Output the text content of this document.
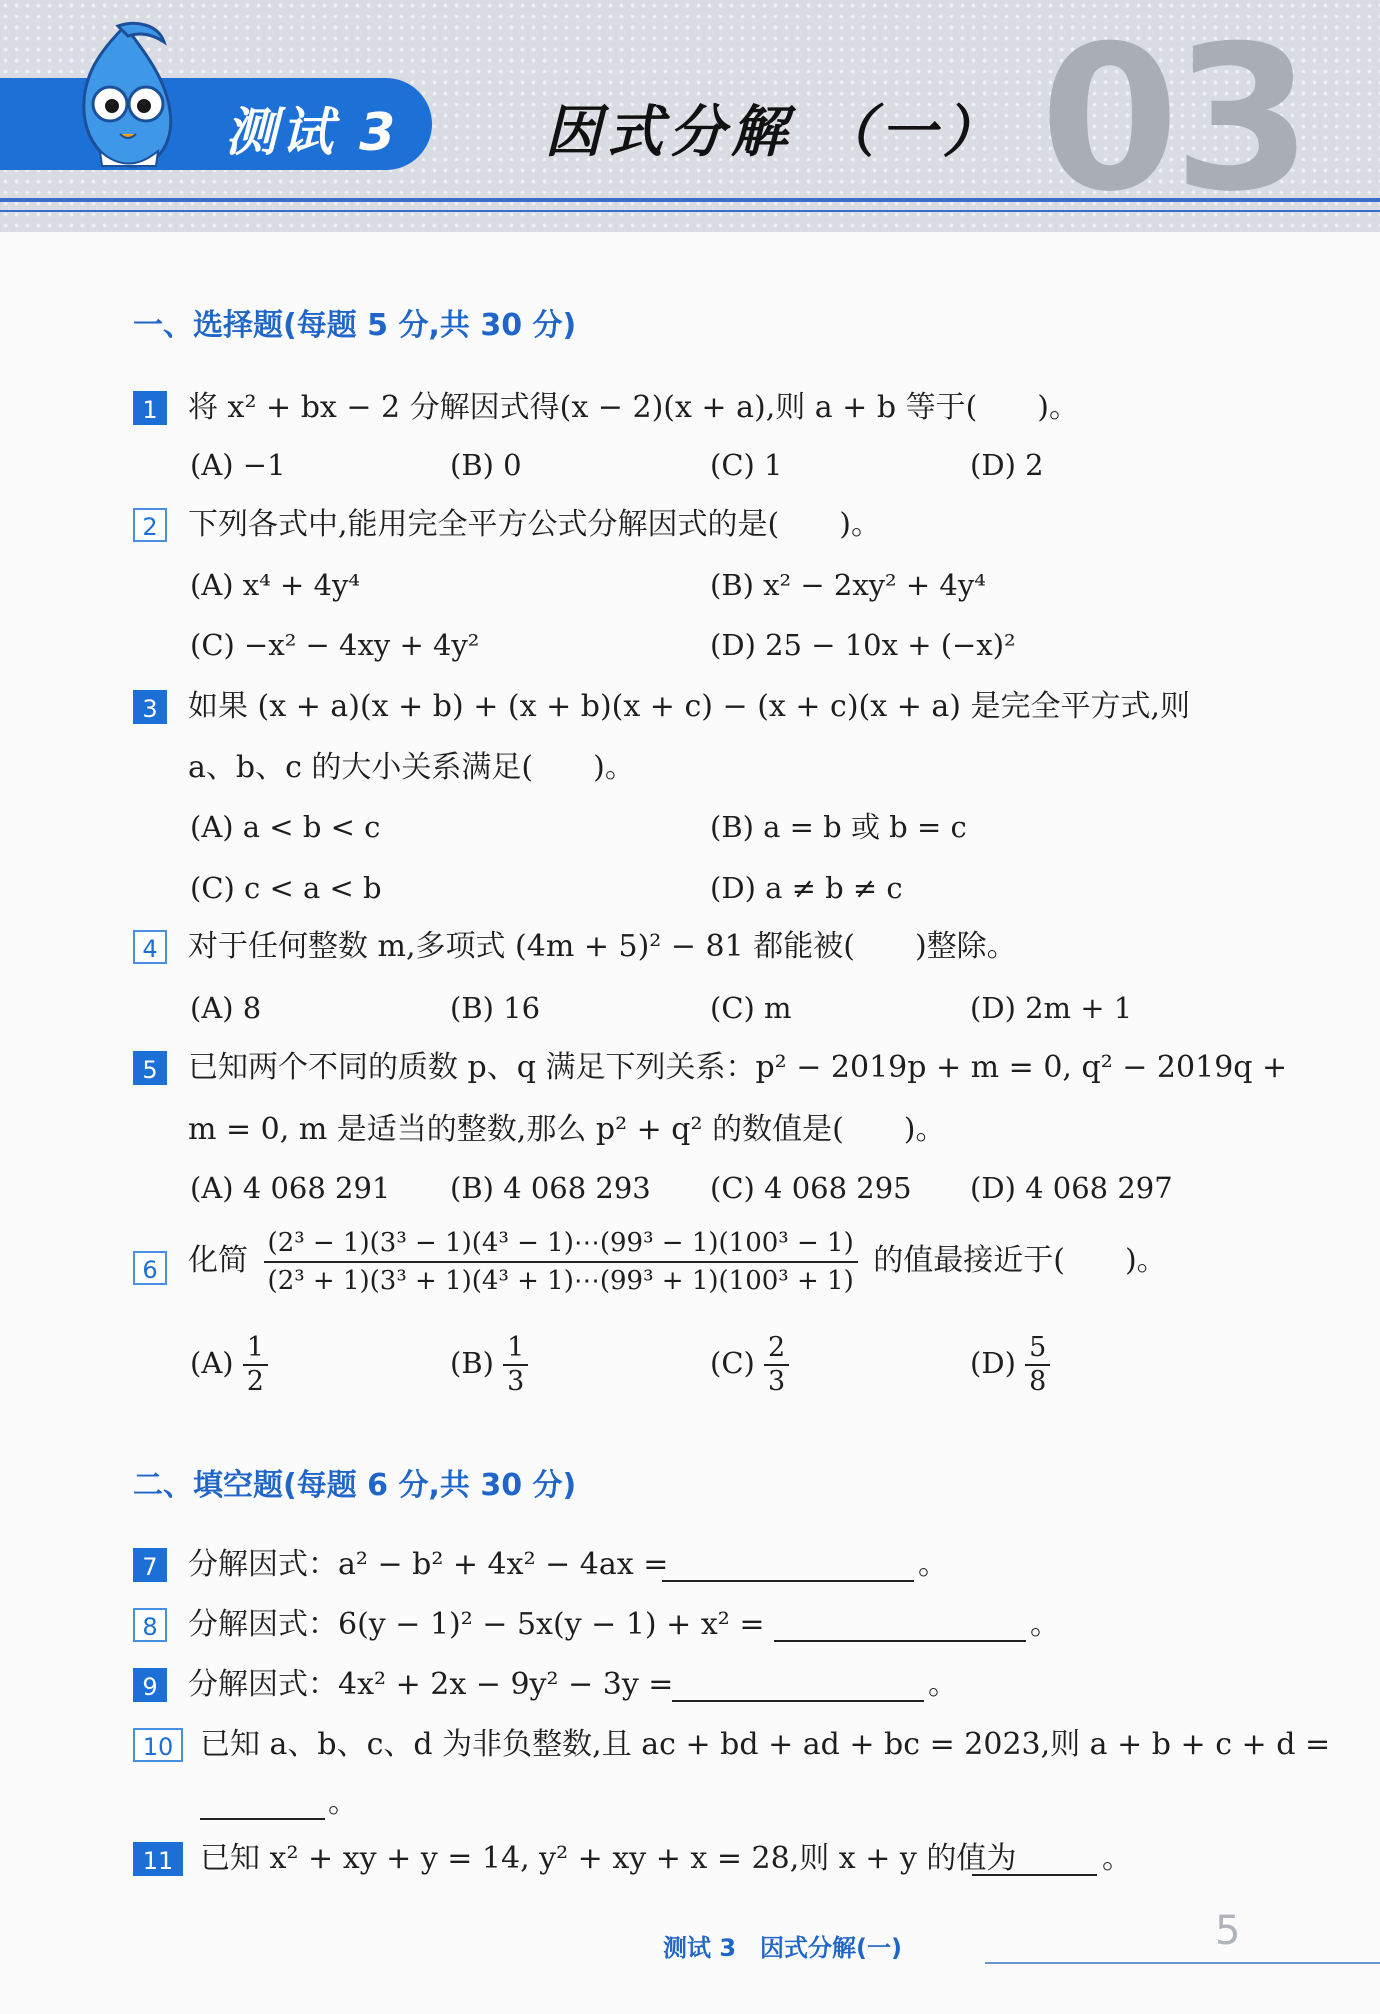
测试 3	因式分解 （一） 03
一、选择题(每题 5 分,共 30 分)
1	将 x² + bx − 2 分解因式得(x − 2)(x + a),则 a + b 等于(　　)。
(A) −1	(B) 0	(C) 1	(D) 2
2	下列各式中,能用完全平方公式分解因式的是(　　)。
(A) x⁴ + 4y⁴	(B) x² − 2xy² + 4y⁴
(C) −x² − 4xy + 4y²	(D) 25 − 10x + (−x)²
3	如果 (x + a)(x + b) + (x + b)(x + c) − (x + c)(x + a) 是完全平方式,则
a、b、c 的大小关系满足(　　)。
(A) a < b < c	(B) a = b 或 b = c
(C) c < a < b	(D) a ≠ b ≠ c
4	对于任何整数 m,多项式 (4m + 5)² − 81 都能被(　　)整除。
(A) 8	(B) 16	(C) m	(D) 2m + 1
5	已知两个不同的质数 p、q 满足下列关系：p² − 2019p + m = 0, q² − 2019q +
m = 0, m 是适当的整数,那么 p² + q² 的数值是(　　)。
(A) 4 068 291 (B) 4 068 293 (C) 4 068 295 (D) 4 068 297
6	化简 $\frac{\text{(2³ − 1)(3³ − 1)(4³ − 1)⋯(99³ − 1)(100³ − 1)}}{\text{(2³ + 1)(3³ + 1)(4³ + 1)⋯(99³ + 1)(100³ + 1)}}$ 的值最接近于(　　)。
$(A) \frac{1}{2}$	$(B) \frac{1}{3}$	$(C) \frac{2}{3}$	$(D) \frac{5}{8}$
二、填空题(每题 6 分,共 30 分)
7	分解因式：a² − b² + 4x² − 4ax =	。
8	分解因式：6(y − 1)² − 5x(y − 1) + x² =	。
9	分解因式：4x² + 2x − 9y² − 3y =	。
10 已知 a、b、c、d 为非负整数,且 ac + bd + ad + bc = 2023,则 a + b + c + d =
。
11 已知 x² + xy + y = 14, y² + xy + x = 28,则 x + y 的值为	。
测试 3　因式分解(一)	5
